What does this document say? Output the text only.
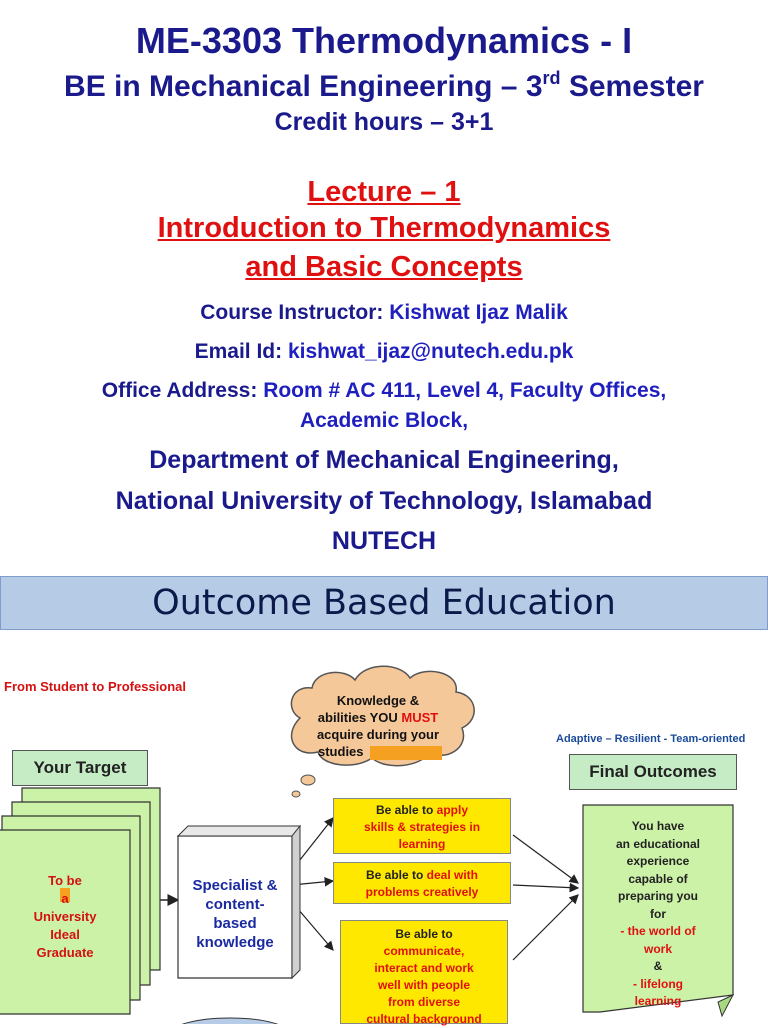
ME-3303 Thermodynamics - I
BE in Mechanical Engineering – 3rd Semester
Credit hours – 3+1
Lecture – 1
Introduction to Thermodynamics
and Basic Concepts
Course Instructor: Kishwat Ijaz Malik
Email Id: kishwat_ijaz@nutech.edu.pk
Office Address: Room # AC 411, Level 4, Faculty Offices,
Academic Block,
Department of Mechanical Engineering,
National University of Technology, Islamabad
NUTECH
Outcome Based Education
From Student to Professional
Knowledge &
abilities YOU MUST
acquire during your
studies
Your Target
Adaptive – Resilient - Team-oriented
Final Outcomes
To be
a
University
Ideal
Graduate
Specialist &
content-
based
knowledge
Be able to apply
skills & strategies in
learning
Be able to deal with
problems creatively
Be able to
communicate,
interact and work
well with people
from diverse
cultural background
You have
an educational
experience
capable of
preparing you
for
- the world of
work
&
- lifelong
learning
